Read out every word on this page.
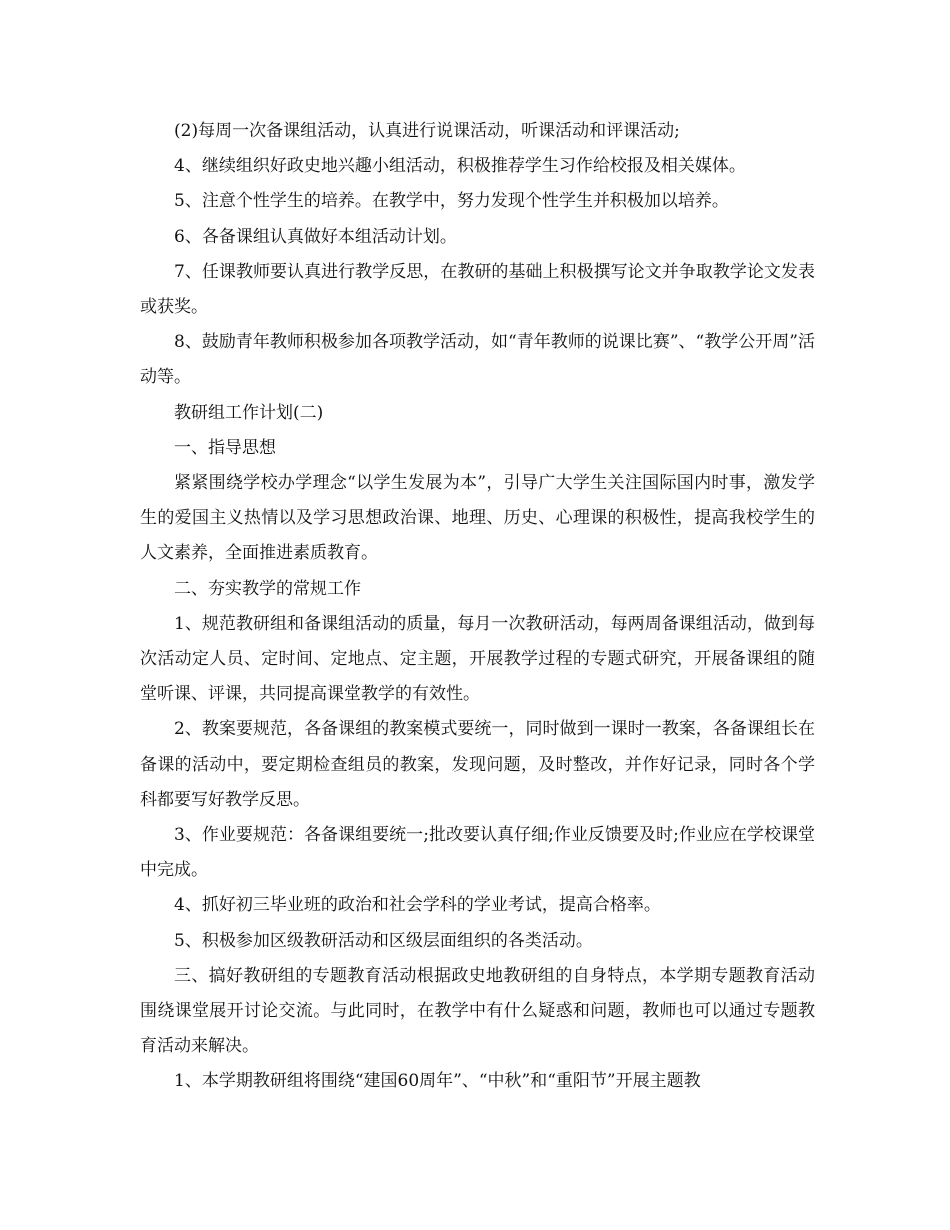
(2)每周一次备课组活动，认真进行说课活动，听课活动和评课活动;

4、继续组织好政史地兴趣小组活动，积极推荐学生习作给校报及相关媒体。

5、注意个性学生的培养。在教学中，努力发现个性学生并积极加以培养。

6、各备课组认真做好本组活动计划。

7、任课教师要认真进行教学反思，在教研的基础上积极撰写论文并争取教学论文发表或获奖。

8、鼓励青年教师积极参加各项教学活动，如“青年教师的说课比赛”、“教学公开周”活动等。

教研组工作计划(二)

一、指导思想

紧紧围绕学校办学理念“以学生发展为本”，引导广大学生关注国际国内时事，激发学生的爱国主义热情以及学习思想政治课、地理、历史、心理课的积极性，提高我校学生的人文素养，全面推进素质教育。

二、夯实教学的常规工作

1、规范教研组和备课组活动的质量，每月一次教研活动，每两周备课组活动，做到每次活动定人员、定时间、定地点、定主题，开展教学过程的专题式研究，开展备课组的随堂听课、评课，共同提高课堂教学的有效性。

2、教案要规范，各备课组的教案模式要统一，同时做到一课时一教案，各备课组长在备课的活动中，要定期检查组员的教案，发现问题，及时整改，并作好记录，同时各个学科都要写好教学反思。

3、作业要规范：各备课组要统一;批改要认真仔细;作业反馈要及时;作业应在学校课堂中完成。

4、抓好初三毕业班的政治和社会学科的学业考试，提高合格率。

5、积极参加区级教研活动和区级层面组织的各类活动。

三、搞好教研组的专题教育活动根据政史地教研组的自身特点，本学期专题教育活动围绕课堂展开讨论交流。与此同时，在教学中有什么疑惑和问题，教师也可以通过专题教育活动来解决。

1、本学期教研组将围绕“建国60周年”、“中秋”和“重阳节”开展主题教
